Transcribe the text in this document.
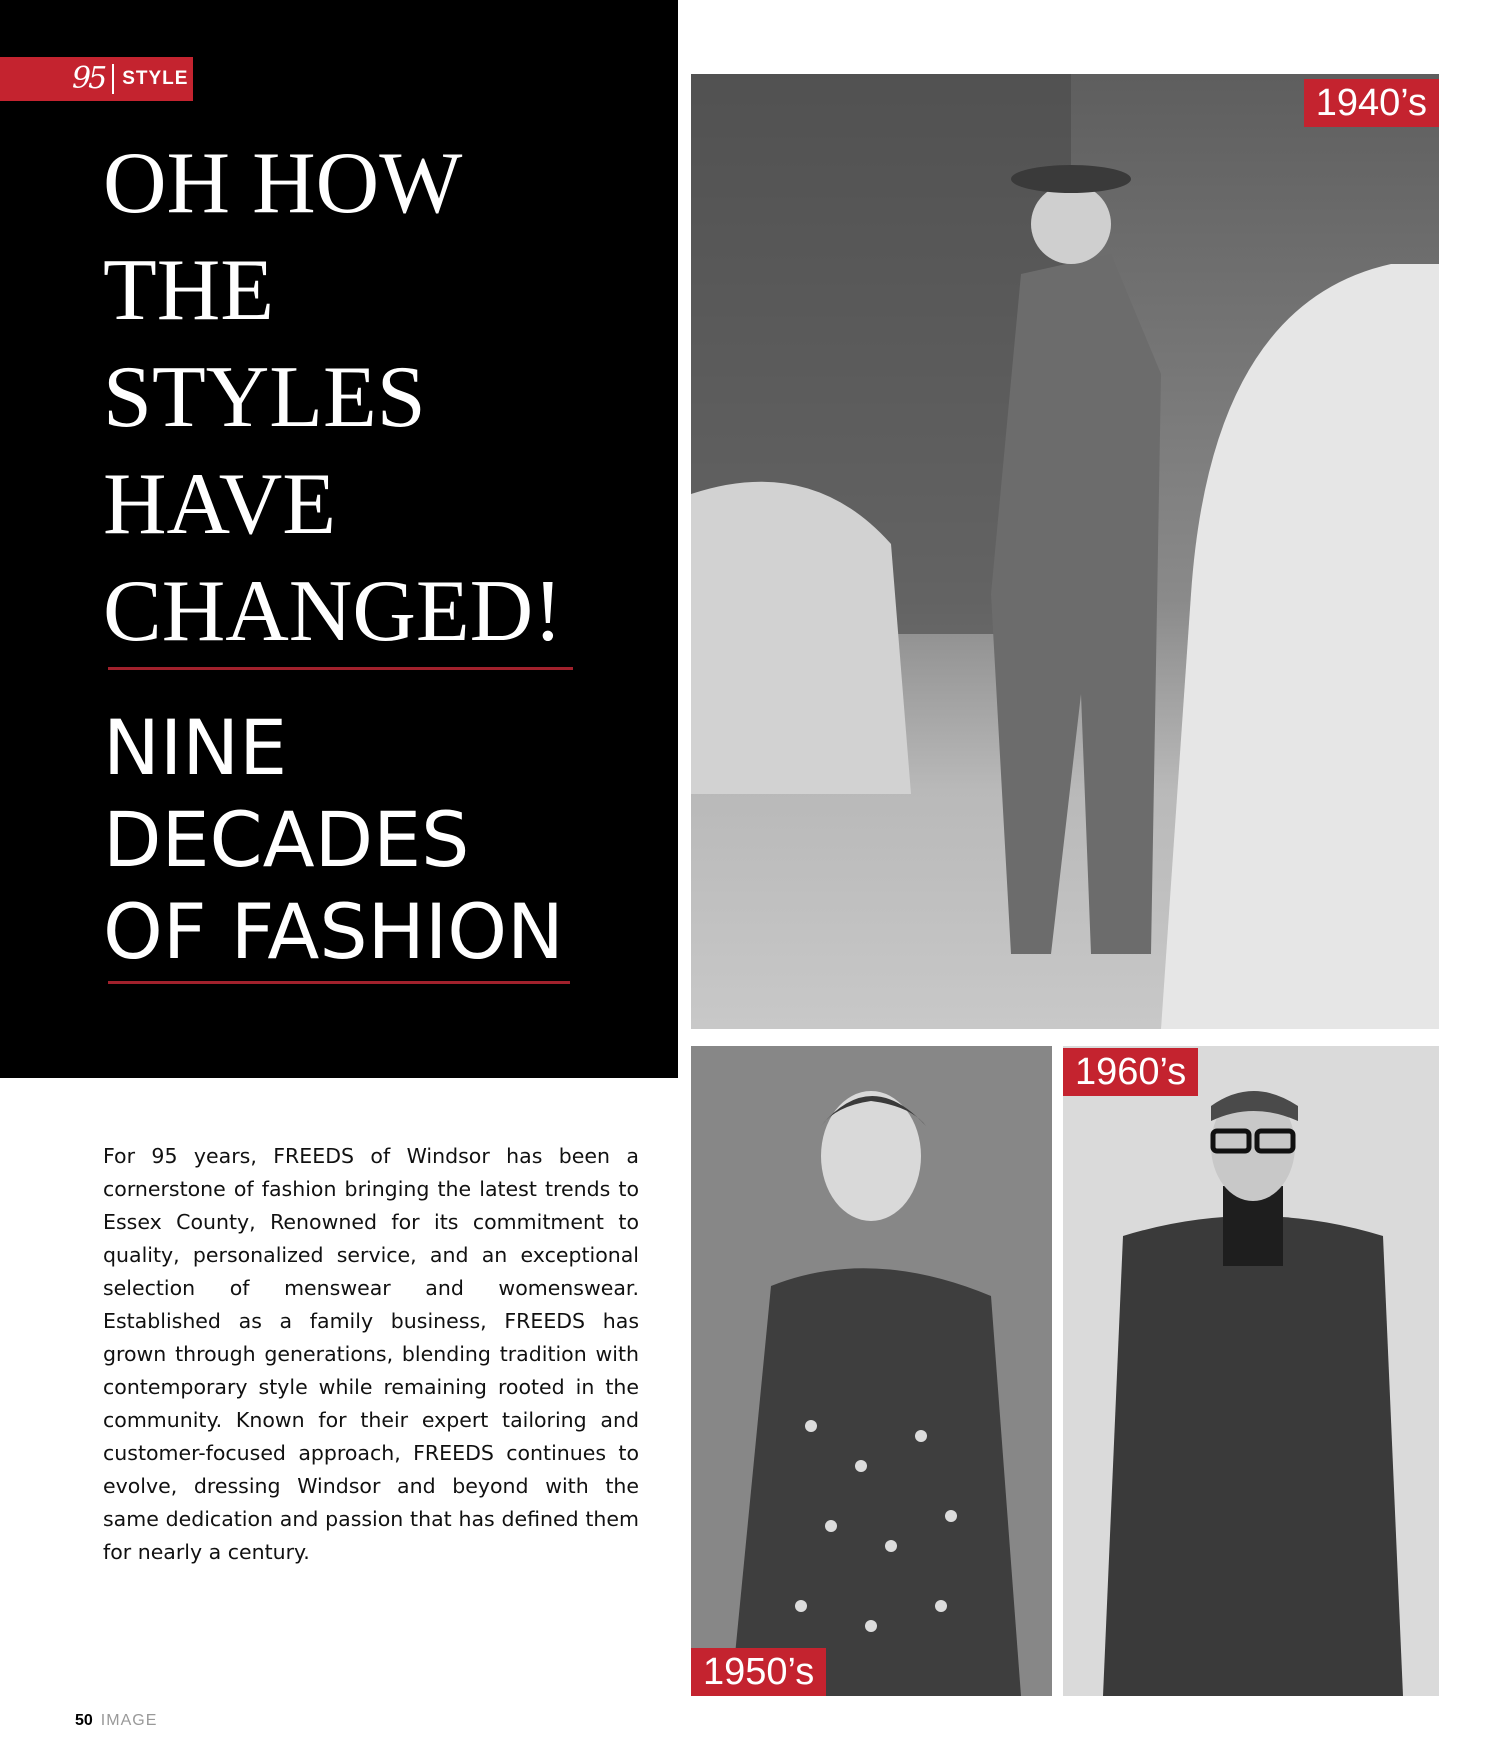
95 STYLE
OH HOW
THE
STYLES
HAVE
CHANGED!
NINE
DECADES
OF FASHION

For 95 years, FREEDS of Windsor has been a cornerstone of fashion bringing the latest trends to Essex County, Renowned for its commitment to quality, personalized service, and an exceptional selection of menswear and womenswear. Established as a family business, FREEDS has grown through generations, blending tradition with contemporary style while remaining rooted in the community. Known for their expert tailoring and customer-focused approach, FREEDS continues to evolve, dressing Windsor and beyond with the same dedication and passion that has defined them for nearly a century.

1940’s
1950’s
1960’s
50 IMAGE
